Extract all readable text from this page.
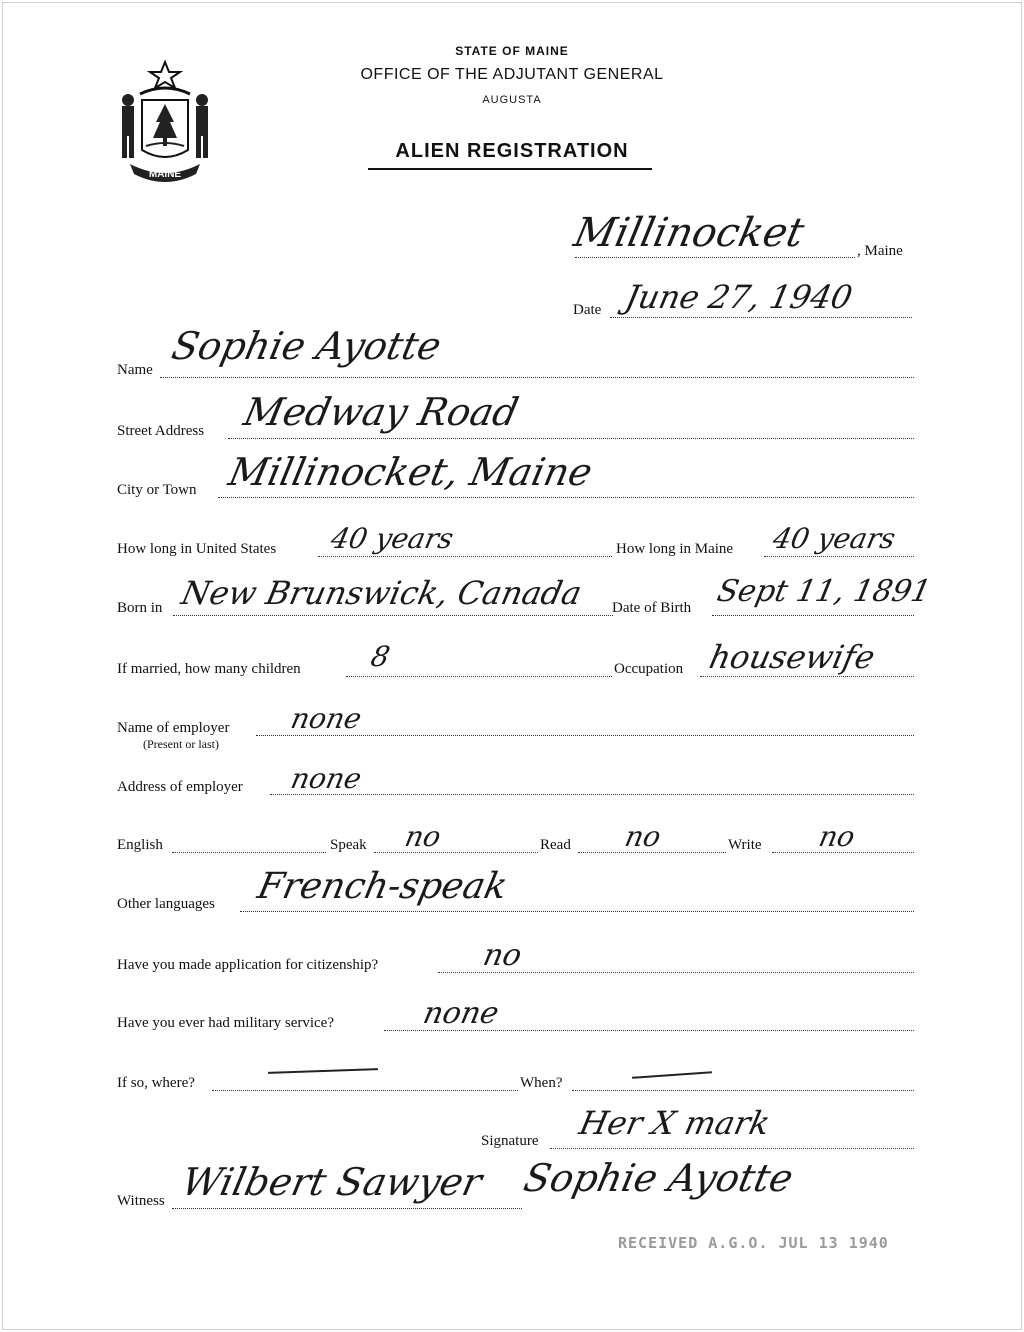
MAINE
STATE OF MAINE
OFFICE OF THE ADJUTANT GENERAL
AUGUSTA
ALIEN REGISTRATION
Millinocket	, Maine
Date June 27, 1940
Name
Sophie Ayotte
Street Address Medway Road
City or Town Millinocket, Maine
How long in United States 40 years	How long in Maine 40 years
Born in New Brunswick, Canada Date of Birth Sept 11, 1891
If married, how many children 8	Occupation housewife
Name of employer
(Present or last)
none
Address of employer none
English	Speak no	Read no	Write no
Other languages French-speak
Have you made application for citizenship?	no
Have you ever had military service?	none
If so, where?	When?
Signature Her X mark
Sophie Ayotte
Witness Wilbert Sawyer
RECEIVED A.G.O. JUL 13 1940
